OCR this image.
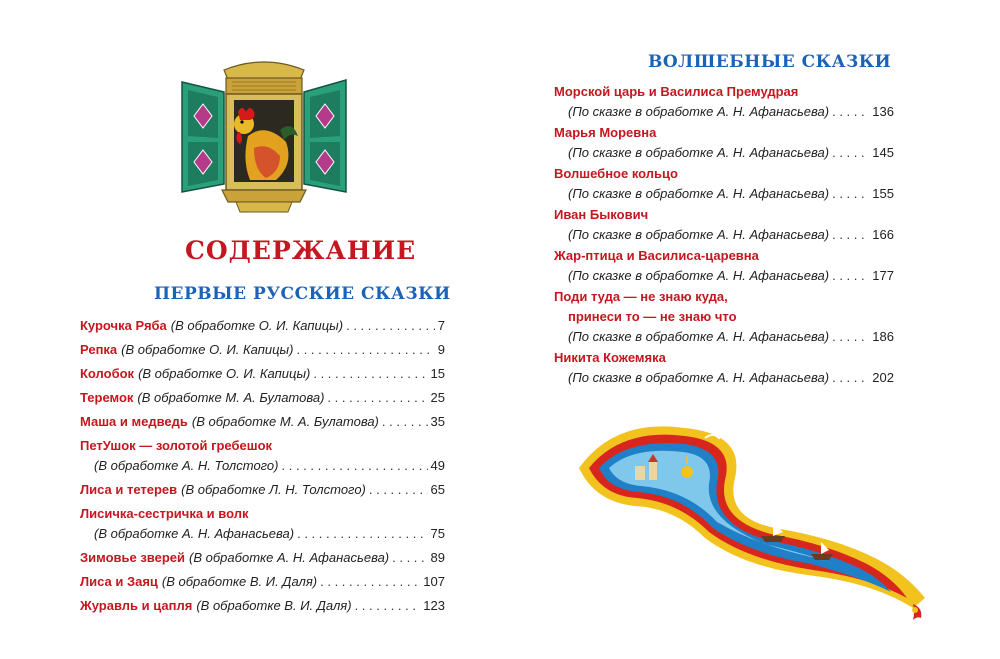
СОДЕРЖАНИЕ
ПЕРВЫЕ РУССКИЕ СКАЗКИ
Курочка Ряба (В обработке О. И. Капицы) . . .	7
Репка (В обработке О. И. Капицы) . . .	9
Колобок (В обработке О. И. Капицы) . . .	15
Теремок (В обработке М. А. Булатова) . . .	25
Маша и медведь (В обработке М. А. Булатова) . . .	35
ПетУшок — золотой гребешок
(В обработке А. Н. Толстого) . . .	49
Лиса и тетерев (В обработке Л. Н. Толстого) . . .	65
Лисичка-сестричка и волк
(В обработке А. Н. Афанасьева) . . .	75
Зимовье зверей (В обработке А. Н. Афанасьева) . . .	89
Лиса и Заяц (В обработке В. И. Даля) . . .	107
Журавль и цапля (В обработке В. И. Даля) . . .	123
ВОЛШЕБНЫЕ СКАЗКИ
Морской царь и Василиса Премудрая
(По сказке в обработке А. Н. Афанасьева) . . .	136
Марья Моревна
(По сказке в обработке А. Н. Афанасьева) . . .	145
Волшебное кольцо
(По сказке в обработке А. Н. Афанасьева) . . .	155
Иван Быкович
(По сказке в обработке А. Н. Афанасьева) . . .	166
Жар-птица и Василиса-царевна
(По сказке в обработке А. Н. Афанасьева) . . .	177
Поди туда — не знаю куда,
принеси то — не знаю что
(По сказке в обработке А. Н. Афанасьева) . . .	186
Никита Кожемяка
(По сказке в обработке А. Н. Афанасьева) . . .	202
